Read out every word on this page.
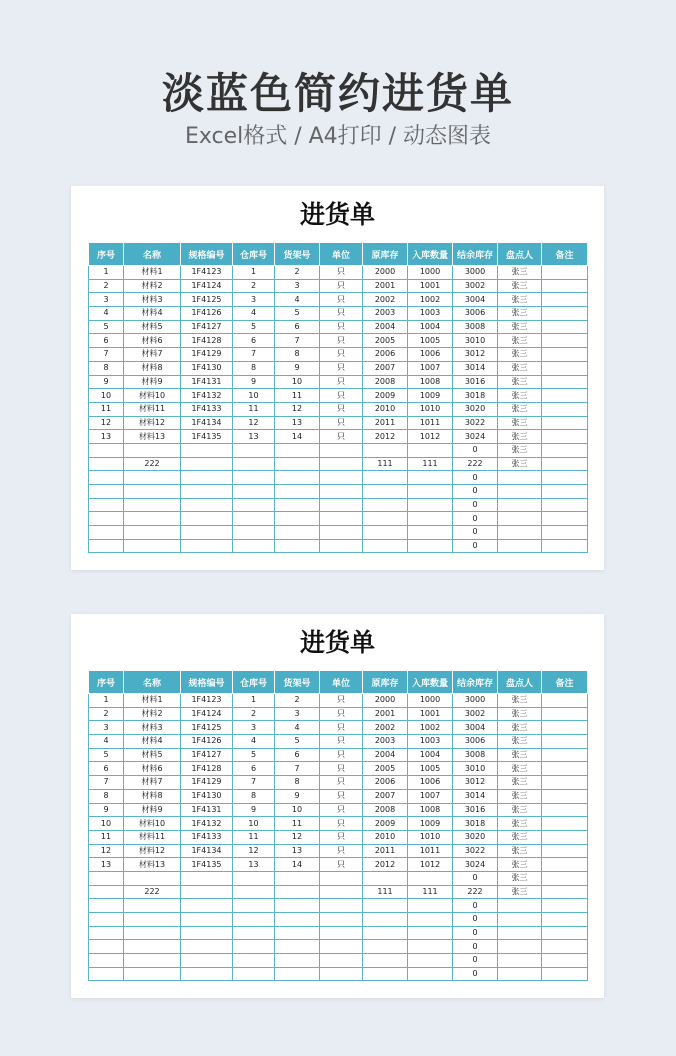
淡蓝色简约进货单
Excel格式 / A4打印 / 动态图表
进货单
序号	名称	规格编号	仓库号	货架号	单位	原库存	入库数量	结余库存	盘点人	备注
1	材料1	1F4123	1	2	只	2000	1000	3000	张三	
2	材料2	1F4124	2	3	只	2001	1001	3002	张三	
3	材料3	1F4125	3	4	只	2002	1002	3004	张三	
4	材料4	1F4126	4	5	只	2003	1003	3006	张三	
5	材料5	1F4127	5	6	只	2004	1004	3008	张三	
6	材料6	1F4128	6	7	只	2005	1005	3010	张三	
7	材料7	1F4129	7	8	只	2006	1006	3012	张三	
8	材料8	1F4130	8	9	只	2007	1007	3014	张三	
9	材料9	1F4131	9	10	只	2008	1008	3016	张三	
10	材料10	1F4132	10	11	只	2009	1009	3018	张三	
11	材料11	1F4133	11	12	只	2010	1010	3020	张三	
12	材料12	1F4134	12	13	只	2011	1011	3022	张三	
13	材料13	1F4135	13	14	只	2012	1012	3024	张三	
								0	张三	
	222					111	111	222	张三	
								0		
								0		
								0		
								0		
								0		
								0		
进货单
序号	名称	规格编号	仓库号	货架号	单位	原库存	入库数量	结余库存	盘点人	备注
1	材料1	1F4123	1	2	只	2000	1000	3000	张三	
2	材料2	1F4124	2	3	只	2001	1001	3002	张三	
3	材料3	1F4125	3	4	只	2002	1002	3004	张三	
4	材料4	1F4126	4	5	只	2003	1003	3006	张三	
5	材料5	1F4127	5	6	只	2004	1004	3008	张三	
6	材料6	1F4128	6	7	只	2005	1005	3010	张三	
7	材料7	1F4129	7	8	只	2006	1006	3012	张三	
8	材料8	1F4130	8	9	只	2007	1007	3014	张三	
9	材料9	1F4131	9	10	只	2008	1008	3016	张三	
10	材料10	1F4132	10	11	只	2009	1009	3018	张三	
11	材料11	1F4133	11	12	只	2010	1010	3020	张三	
12	材料12	1F4134	12	13	只	2011	1011	3022	张三	
13	材料13	1F4135	13	14	只	2012	1012	3024	张三	
								0	张三	
	222					111	111	222	张三	
								0		
								0		
								0		
								0		
								0		
								0		
